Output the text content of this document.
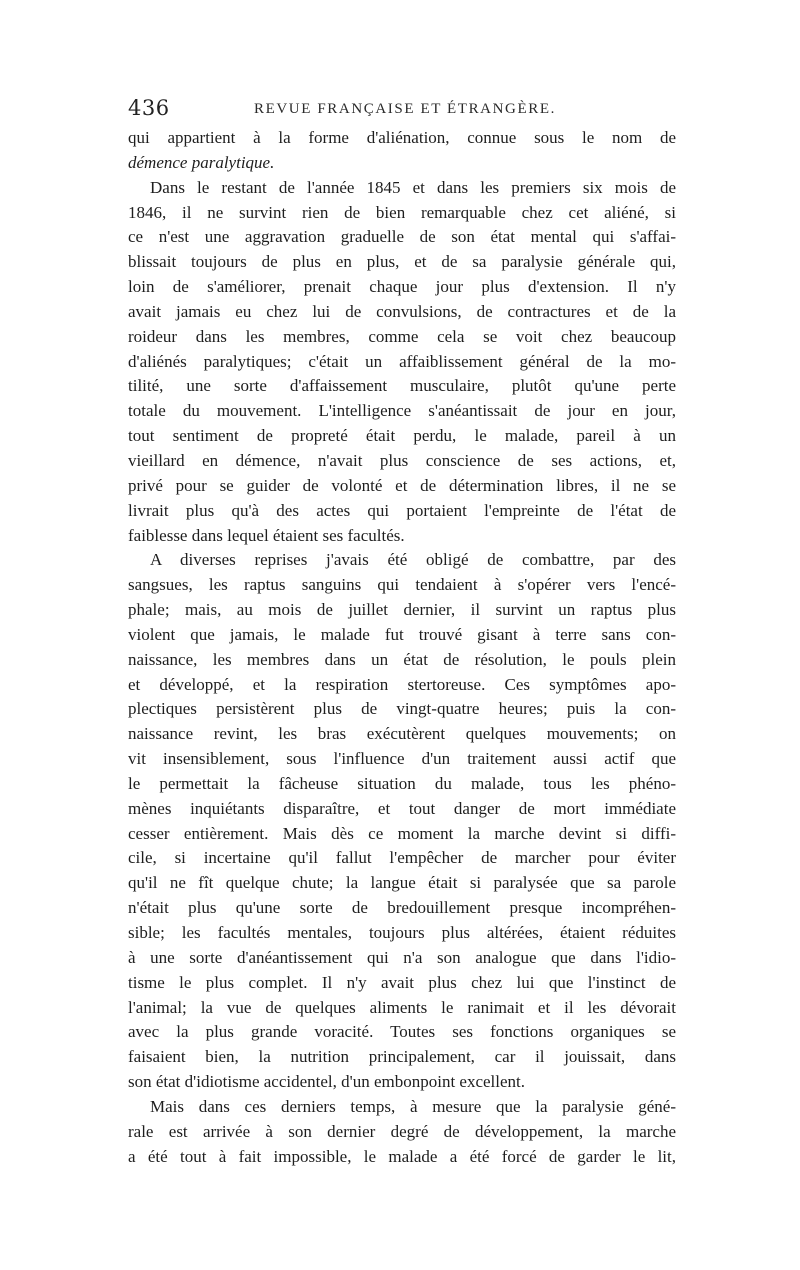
436	REVUE FRANÇAISE ET ÉTRANGÈRE.
qui appartient à la forme d'aliénation, connue sous le nom de
démence paralytique.
Dans le restant de l'année 1845 et dans les premiers six mois de
1846, il ne survint rien de bien remarquable chez cet aliéné, si
ce n'est une aggravation graduelle de son état mental qui s'affai-
blissait toujours de plus en plus, et de sa paralysie générale qui,
loin de s'améliorer, prenait chaque jour plus d'extension. Il n'y
avait jamais eu chez lui de convulsions, de contractures et de la
roideur dans les membres, comme cela se voit chez beaucoup
d'aliénés paralytiques; c'était un affaiblissement général de la mo-
tilité, une sorte d'affaissement musculaire, plutôt qu'une perte
totale du mouvement. L'intelligence s'anéantissait de jour en jour,
tout sentiment de propreté était perdu, le malade, pareil à un
vieillard en démence, n'avait plus conscience de ses actions, et,
privé pour se guider de volonté et de détermination libres, il ne se
livrait plus qu'à des actes qui portaient l'empreinte de l'état de
faiblesse dans lequel étaient ses facultés.
A diverses reprises j'avais été obligé de combattre, par des
sangsues, les raptus sanguins qui tendaient à s'opérer vers l'encé-
phale; mais, au mois de juillet dernier, il survint un raptus plus
violent que jamais, le malade fut trouvé gisant à terre sans con-
naissance, les membres dans un état de résolution, le pouls plein
et développé, et la respiration stertoreuse. Ces symptômes apo-
plectiques persistèrent plus de vingt-quatre heures; puis la con-
naissance revint, les bras exécutèrent quelques mouvements; on
vit insensiblement, sous l'influence d'un traitement aussi actif que
le permettait la fâcheuse situation du malade, tous les phéno-
mènes inquiétants disparaître, et tout danger de mort immédiate
cesser entièrement. Mais dès ce moment la marche devint si diffi-
cile, si incertaine qu'il fallut l'empêcher de marcher pour éviter
qu'il ne fît quelque chute; la langue était si paralysée que sa parole
n'était plus qu'une sorte de bredouillement presque incompréhen-
sible; les facultés mentales, toujours plus altérées, étaient réduites
à une sorte d'anéantissement qui n'a son analogue que dans l'idio-
tisme le plus complet. Il n'y avait plus chez lui que l'instinct de
l'animal; la vue de quelques aliments le ranimait et il les dévorait
avec la plus grande voracité. Toutes ses fonctions organiques se
faisaient bien, la nutrition principalement, car il jouissait, dans
son état d'idiotisme accidentel, d'un embonpoint excellent.
Mais dans ces derniers temps, à mesure que la paralysie géné-
rale est arrivée à son dernier degré de développement, la marche
a été tout à fait impossible, le malade a été forcé de garder le lit,
